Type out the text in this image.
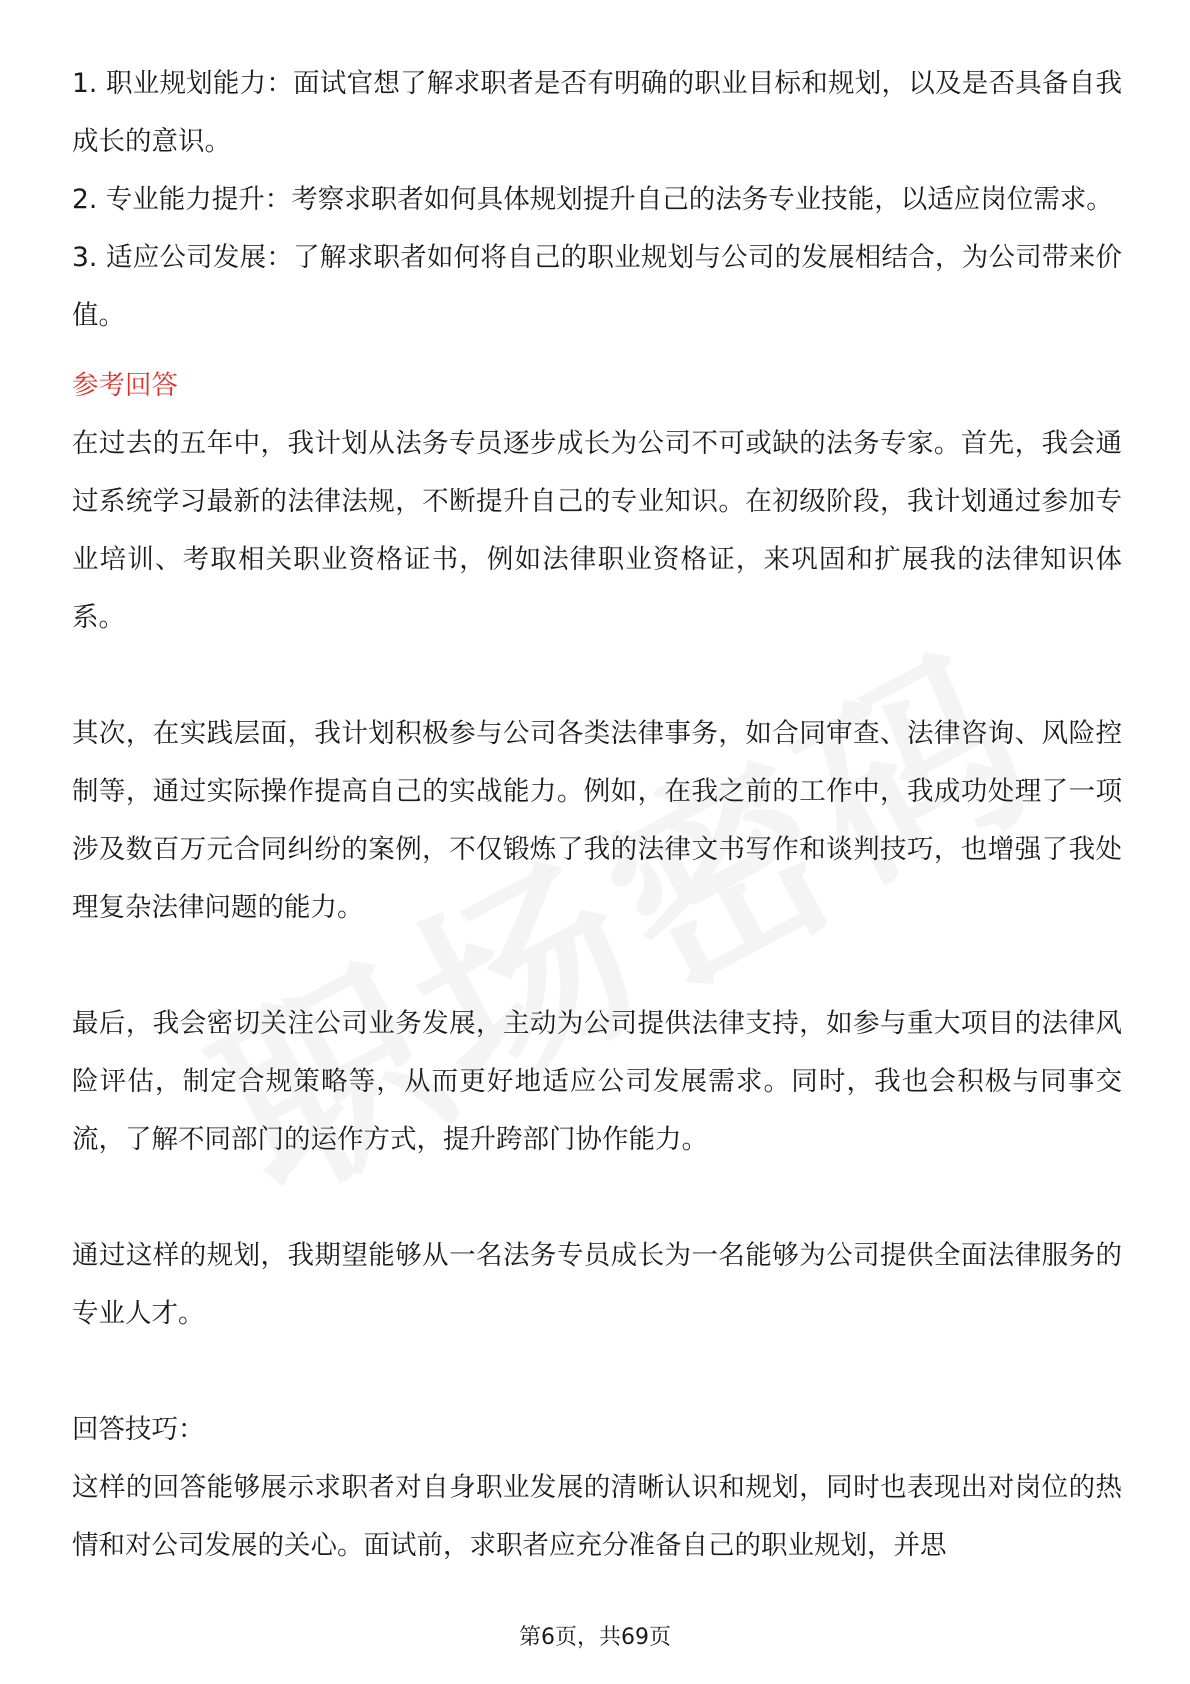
1. 职业规划能力：面试官想了解求职者是否有明确的职业目标和规划，以及是否具备自我成长的意识。

2. 专业能力提升：考察求职者如何具体规划提升自己的法务专业技能，以适应岗位需求。

3. 适应公司发展：了解求职者如何将自己的职业规划与公司的发展相结合，为公司带来价值。

参考回答

在过去的五年中，我计划从法务专员逐步成长为公司不可或缺的法务专家。首先，我会通过系统学习最新的法律法规，不断提升自己的专业知识。在初级阶段，我计划通过参加专业培训、考取相关职业资格证书，例如法律职业资格证，来巩固和扩展我的法律知识体系。

其次，在实践层面，我计划积极参与公司各类法律事务，如合同审查、法律咨询、风险控制等，通过实际操作提高自己的实战能力。例如，在我之前的工作中，我成功处理了一项涉及数百万元合同纠纷的案例，不仅锻炼了我的法律文书写作和谈判技巧，也增强了我处理复杂法律问题的能力。

最后，我会密切关注公司业务发展，主动为公司提供法律支持，如参与重大项目的法律风险评估，制定合规策略等，从而更好地适应公司发展需求。同时，我也会积极与同事交流，了解不同部门的运作方式，提升跨部门协作能力。

通过这样的规划，我期望能够从一名法务专员成长为一名能够为公司提供全面法律服务的专业人才。

回答技巧：

这样的回答能够展示求职者对自身职业发展的清晰认识和规划，同时也表现出对岗位的热情和对公司发展的关心。面试前，求职者应充分准备自己的职业规划，并思

第6页，共69页
